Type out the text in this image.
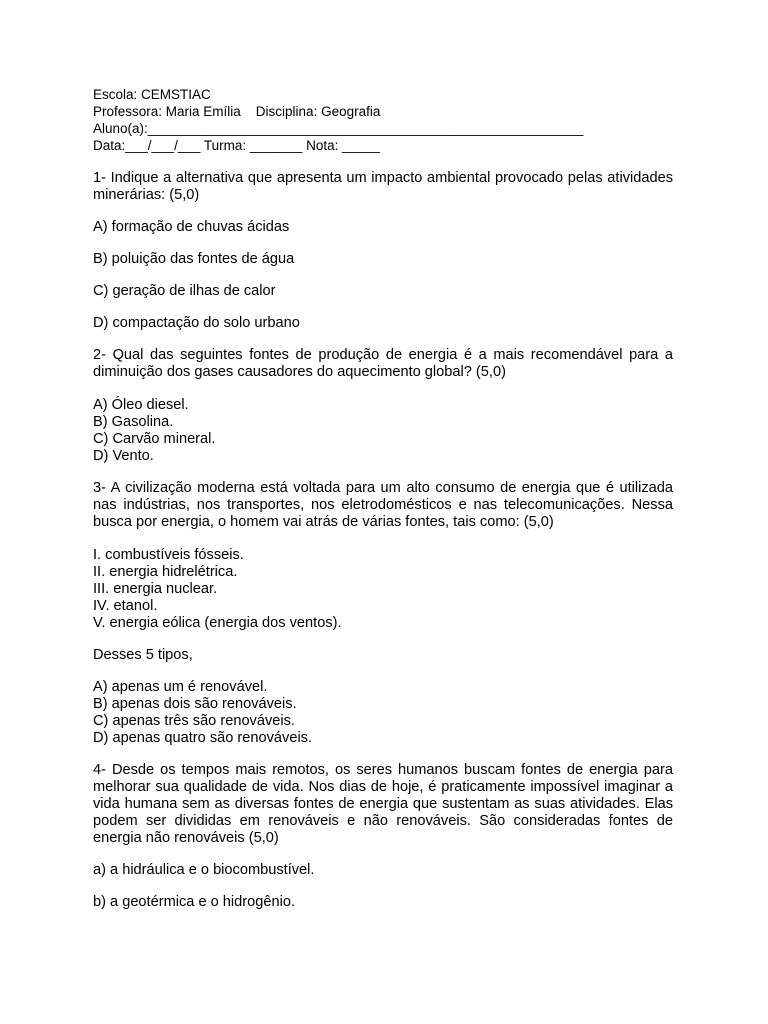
Escola: CEMSTIAC
Professora: Maria Emília    Disciplina: Geografia
Aluno(a):__________________________________________________________
Data:___/___/___ Turma: _______ Nota: _____
1- Indique a alternativa que apresenta um impacto ambiental provocado pelas atividades minerárias: (5,0)
A) formação de chuvas ácidas
B) poluição das fontes de água
C) geração de ilhas de calor
D) compactação do solo urbano
2- Qual das seguintes fontes de produção de energia é a mais recomendável para a diminuição dos gases causadores do aquecimento global? (5,0)
A) Óleo diesel.
B) Gasolina.
C) Carvão mineral.
D) Vento.
3- A civilização moderna está voltada para um alto consumo de energia que é utilizada nas indústrias, nos transportes, nos eletrodomésticos e nas telecomunicações. Nessa busca por energia, o homem vai atrás de várias fontes, tais como: (5,0)
I. combustíveis fósseis.
II. energia hidrelétrica.
III. energia nuclear.
IV. etanol.
V. energia eólica (energia dos ventos).
Desses 5 tipos,
A) apenas um é renovável.
B) apenas dois são renováveis.
C) apenas três são renováveis.
D) apenas quatro são renováveis.
4- Desde os tempos mais remotos, os seres humanos buscam fontes de energia para melhorar sua qualidade de vida. Nos dias de hoje, é praticamente impossível imaginar a vida humana sem as diversas fontes de energia que sustentam as suas atividades. Elas podem ser divididas em renováveis e não renováveis. São consideradas fontes de energia não renováveis (5,0)
a) a hidráulica e o biocombustível.
b) a geotérmica e o hidrogênio.
